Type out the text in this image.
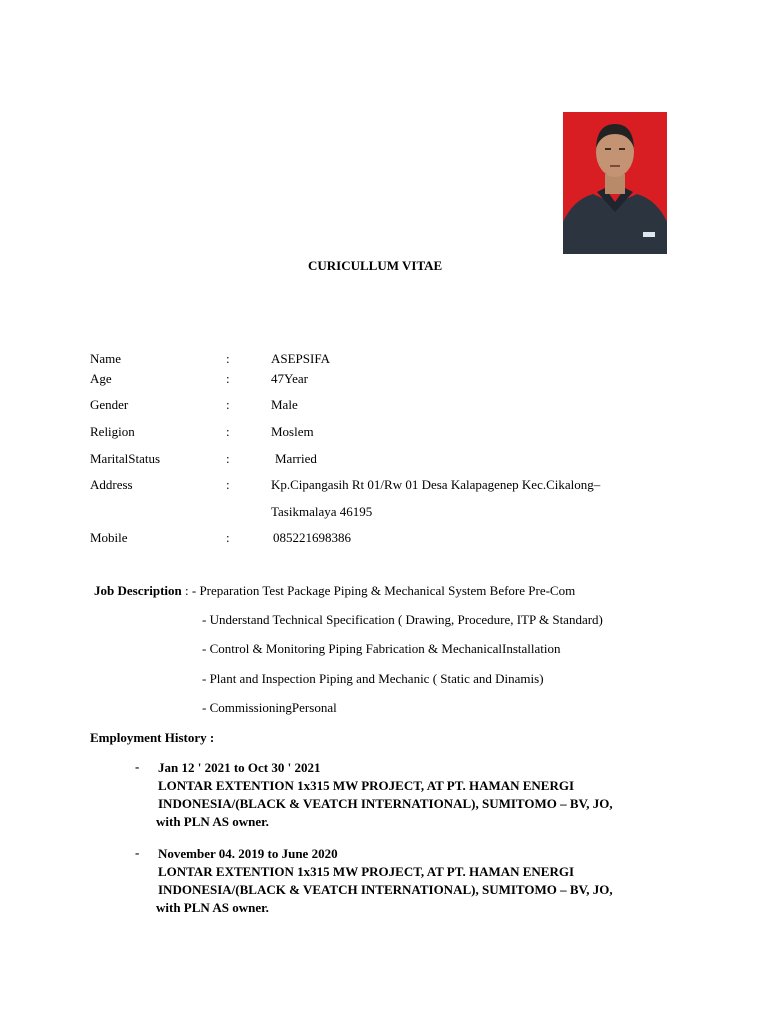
CURICULLUM VITAE
Name	:	ASEPSIFA
Age	:	47Year
Gender	:	Male
Religion	:	Moslem
MaritalStatus	:	Married
Address	:	Kp.Cipangasih Rt 01/Rw 01 Desa Kalapagenep Kec.Cikalong–
Tasikmalaya 46195
Mobile	:	085221698386
Job Description : - Preparation Test Package Piping & Mechanical System Before Pre-Com
- Understand Technical Specification ( Drawing, Procedure, ITP & Standard)
- Control & Monitoring Piping Fabrication & MechanicalInstallation
- Plant and Inspection Piping and Mechanic ( Static and Dinamis)
- CommissioningPersonal
Employment History :
- Jan 12 ' 2021 to Oct 30 ' 2021
LONTAR EXTENTION 1x315 MW PROJECT, AT PT. HAMAN ENERGI
INDONESIA/(BLACK & VEATCH INTERNATIONAL), SUMITOMO – BV, JO,
with PLN AS owner.
- November 04. 2019 to June 2020
LONTAR EXTENTION 1x315 MW PROJECT, AT PT. HAMAN ENERGI
INDONESIA/(BLACK & VEATCH INTERNATIONAL), SUMITOMO – BV, JO,
with PLN AS owner.
